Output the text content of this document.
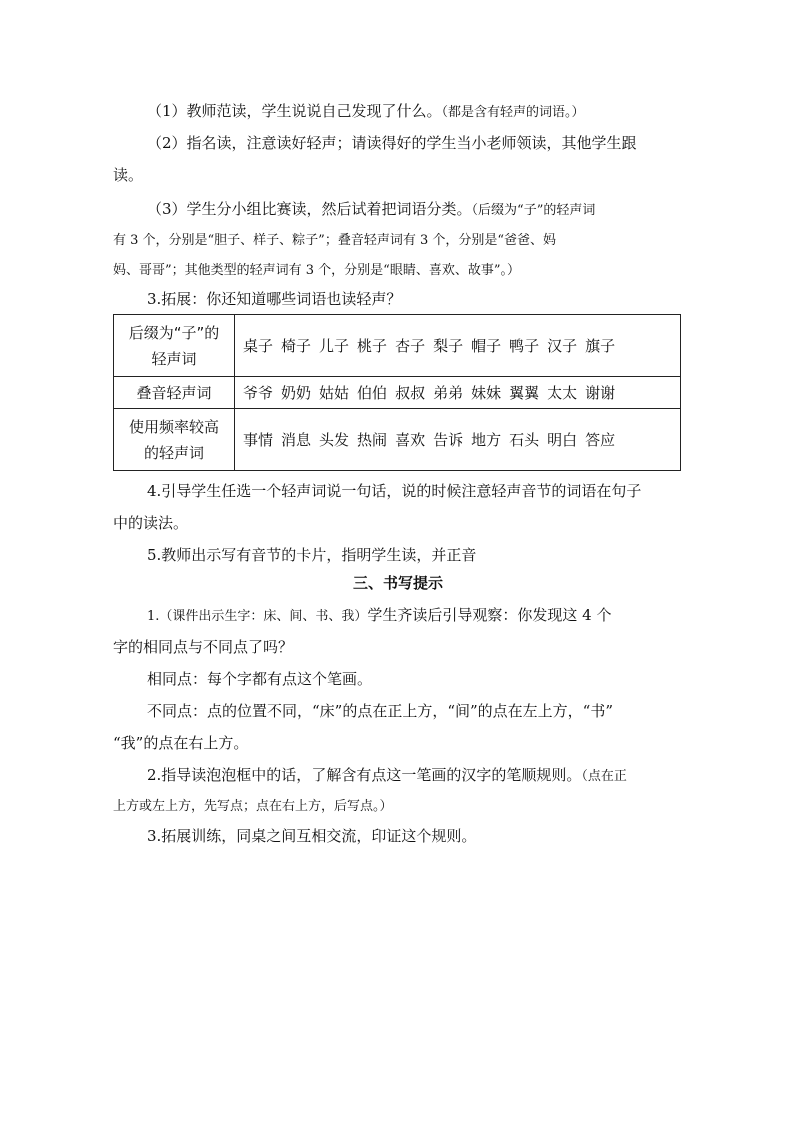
（1）教师范读，学生说说自己发现了什么。（都是含有轻声的词语。）

（2）指名读，注意读好轻声；请读得好的学生当小老师领读，其他学生跟

读。

（3）学生分小组比赛读，然后试着把词语分类。（后缀为“子”的轻声词

有 3 个，分别是“胆子、样子、粽子”；叠音轻声词有 3 个，分别是“爸爸、妈

妈、哥哥”；其他类型的轻声词有 3 个，分别是“眼睛、喜欢、故事”。）

3.拓展：你还知道哪些词语也读轻声？

后缀为“子”的
轻声词	桌子 椅子 儿子 桃子 杏子 梨子 帽子 鸭子 汉子 旗子

叠音轻声词	爷爷 奶奶 姑姑 伯伯 叔叔 弟弟 妹妹 翼翼 太太 谢谢

使用频率较高
的轻声词	事情 消息 头发 热闹 喜欢 告诉 地方 石头 明白 答应

4.引导学生任选一个轻声词说一句话，说的时候注意轻声音节的词语在句子

中的读法。

5.教师出示写有音节的卡片，指明学生读，并正音

三、书写提示

1.（课件出示生字：床、间、书、我）学生齐读后引导观察：你发现这 4 个

字的相同点与不同点了吗？

相同点：每个字都有点这个笔画。

不同点：点的位置不同，“床”的点在正上方，“间”的点在左上方，“书”

“我”的点在右上方。

2.指导读泡泡框中的话，了解含有点这一笔画的汉字的笔顺规则。（点在正

上方或左上方，先写点；点在右上方，后写点。）

3.拓展训练，同桌之间互相交流，印证这个规则。
